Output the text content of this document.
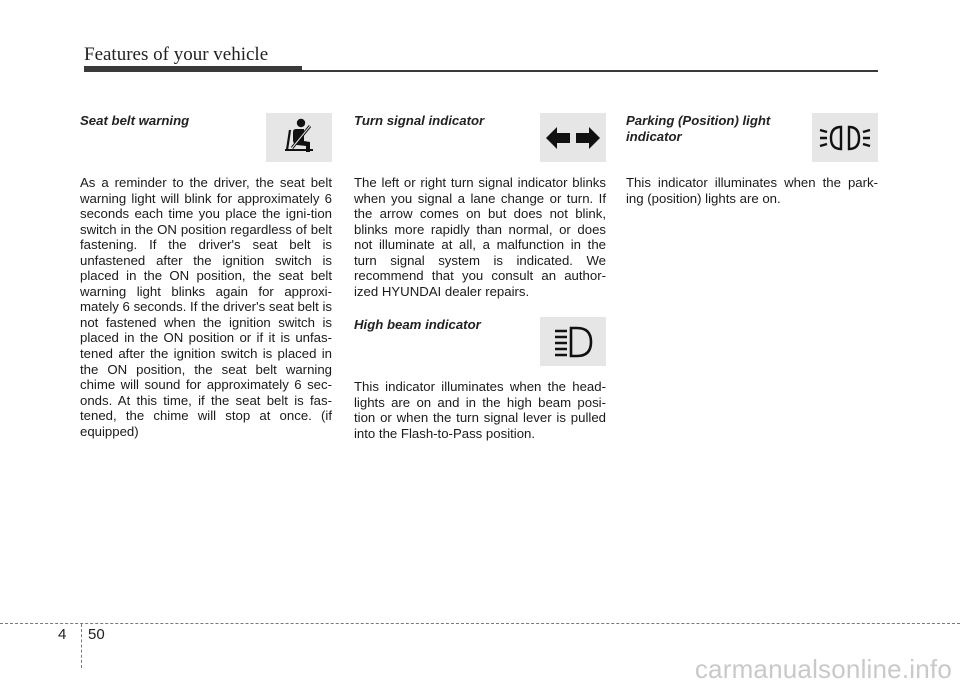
Features of your vehicle
Seat belt warning

As a reminder to the driver, the seat belt warning light will blink for approximately 6 seconds each time you place the igni-tion switch in the ON position regardless of belt fastening. If the driver's seat belt is unfastened after the ignition switch is placed in the ON position, the seat belt warning light blinks again for approxi-mately 6 seconds. If the driver's seat belt is not fastened when the ignition switch is placed in the ON position or if it is unfas-tened after the ignition switch is placed in the ON position, the seat belt warning chime will sound for approximately 6 sec-onds. At this time, if the seat belt is fas-tened, the chime will stop at once. (if equipped)

Turn signal indicator

The left or right turn signal indicator blinks when you signal a lane change or turn. If the arrow comes on but does not blink, blinks more rapidly than normal, or does not illuminate at all, a malfunction in the turn signal system is indicated. We recommend that you consult an author-ized HYUNDAI dealer repairs.

High beam indicator

This indicator illuminates when the head-lights are on and in the high beam posi-tion or when the turn signal lever is pulled into the Flash-to-Pass position.

Parking (Position) light indicator

This indicator illuminates when the park-ing (position) lights are on.

4 50
carmanualsonline.info
